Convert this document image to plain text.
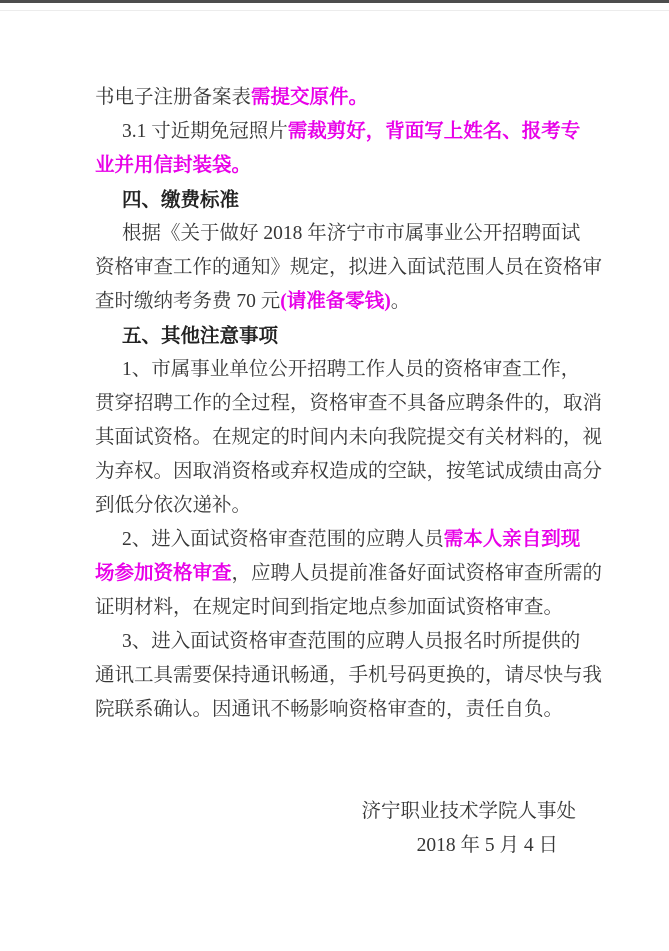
书电子注册备案表需提交原件。
3.1 寸近期免冠照片需裁剪好，背面写上姓名、报考专
业并用信封装袋。
四、缴费标准
根据《关于做好 2018 年济宁市市属事业公开招聘面试
资格审查工作的通知》规定，拟进入面试范围人员在资格审
查时缴纳考务费 70 元(请准备零钱)。
五、其他注意事项
1、市属事业单位公开招聘工作人员的资格审查工作，
贯穿招聘工作的全过程，资格审查不具备应聘条件的，取消
其面试资格。在规定的时间内未向我院提交有关材料的，视
为弃权。因取消资格或弃权造成的空缺，按笔试成绩由高分
到低分依次递补。
2、进入面试资格审查范围的应聘人员需本人亲自到现
场参加资格审查，应聘人员提前准备好面试资格审查所需的
证明材料，在规定时间到指定地点参加面试资格审查。
3、进入面试资格审查范围的应聘人员报名时所提供的
通讯工具需要保持通讯畅通，手机号码更换的，请尽快与我
院联系确认。因通讯不畅影响资格审查的，责任自负。
济宁职业技术学院人事处
2018 年 5 月 4 日
